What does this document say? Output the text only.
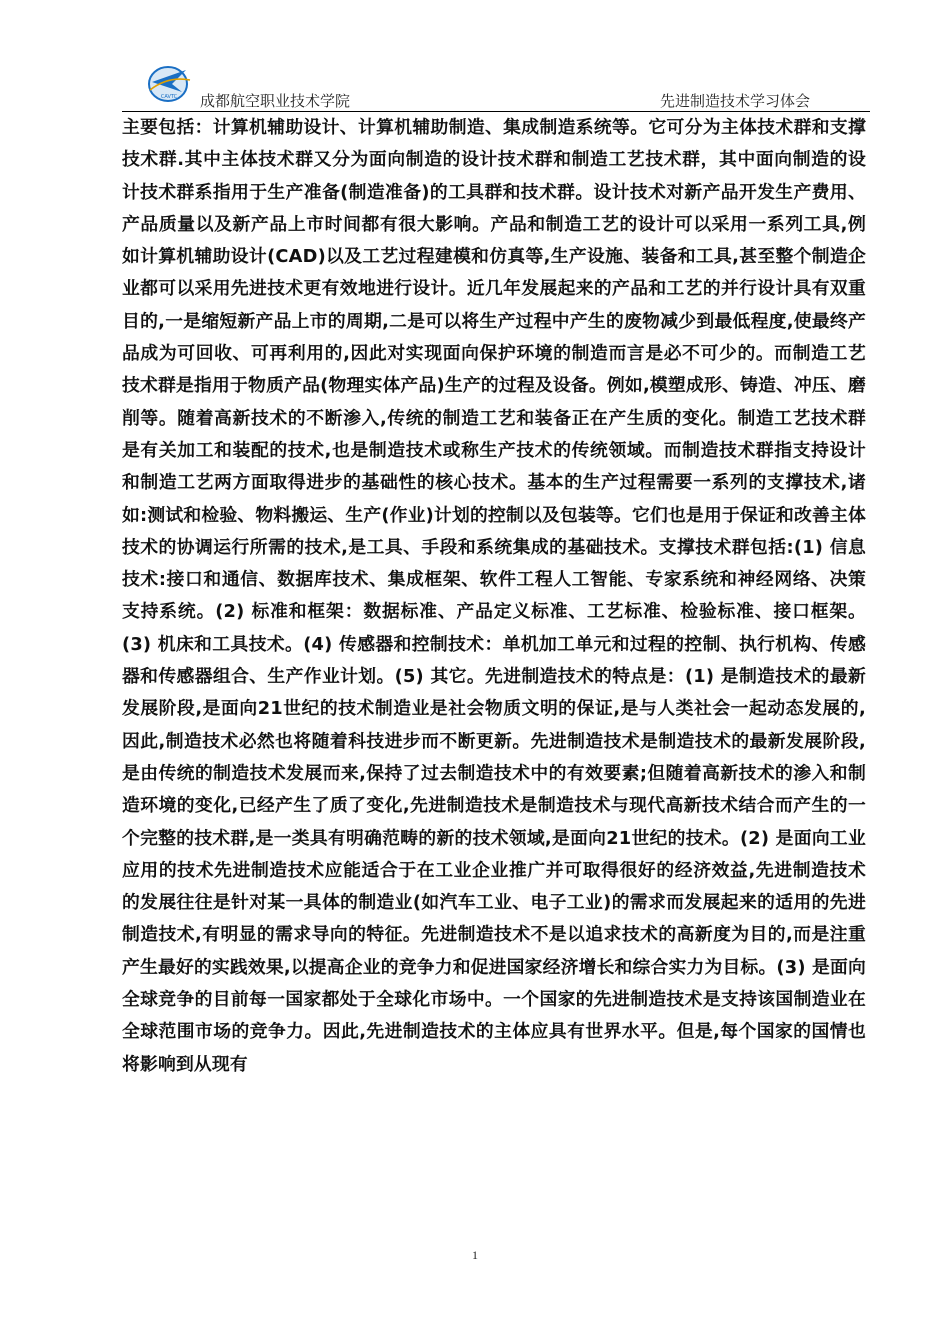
CAVTC 成都航空职业技术学院	先进制造技术学习体会

主要包括：计算机辅助设计、计算机辅助制造、集成制造系统等。它可分为主体技术群和支撑技术群.其中主体技术群又分为面向制造的设计技术群和制造工艺技术群，其中面向制造的设计技术群系指用于生产准备(制造准备)的工具群和技术群。设计技术对新产品开发生产费用、产品质量以及新产品上市时间都有很大影响。产品和制造工艺的设计可以采用一系列工具,例如计算机辅助设计(CAD)以及工艺过程建模和仿真等,生产设施、装备和工具,甚至整个制造企业都可以采用先进技术更有效地进行设计。近几年发展起来的产品和工艺的并行设计具有双重目的,一是缩短新产品上市的周期,二是可以将生产过程中产生的废物减少到最低程度,使最终产品成为可回收、可再利用的,因此对实现面向保护环境的制造而言是必不可少的。而制造工艺技术群是指用于物质产品(物理实体产品)生产的过程及设备。例如,模塑成形、铸造、冲压、磨削等。随着高新技术的不断渗入,传统的制造工艺和装备正在产生质的变化。制造工艺技术群是有关加工和装配的技术,也是制造技术或称生产技术的传统领域。而制造技术群指支持设计和制造工艺两方面取得进步的基础性的核心技术。基本的生产过程需要一系列的支撑技术,诸如:测试和检验、物料搬运、生产(作业)计划的控制以及包装等。它们也是用于保证和改善主体技术的协调运行所需的技术,是工具、手段和系统集成的基础技术。支撑技术群包括:(1) 信息技术:接口和通信、数据库技术、集成框架、软件工程人工智能、专家系统和神经网络、决策支持系统。(2) 标准和框架：数据标准、产品定义标准、工艺标准、检验标准、接口框架。(3) 机床和工具技术。(4) 传感器和控制技术：单机加工单元和过程的控制、执行机构、传感器和传感器组合、生产作业计划。(5) 其它。先进制造技术的特点是：(1) 是制造技术的最新发展阶段,是面向21世纪的技术制造业是社会物质文明的保证,是与人类社会一起动态发展的,因此,制造技术必然也将随着科技进步而不断更新。先进制造技术是制造技术的最新发展阶段,是由传统的制造技术发展而来,保持了过去制造技术中的有效要素;但随着高新技术的渗入和制造环境的变化,已经产生了质了变化,先进制造技术是制造技术与现代高新技术结合而产生的一个完整的技术群,是一类具有明确范畴的新的技术领域,是面向21世纪的技术。(2) 是面向工业应用的技术先进制造技术应能适合于在工业企业推广并可取得很好的经济效益,先进制造技术的发展往往是针对某一具体的制造业(如汽车工业、电子工业)的需求而发展起来的适用的先进制造技术,有明显的需求导向的特征。先进制造技术不是以追求技术的高新度为目的,而是注重产生最好的实践效果,以提高企业的竞争力和促进国家经济增长和综合实力为目标。(3) 是面向全球竞争的目前每一国家都处于全球化市场中。一个国家的先进制造技术是支持该国制造业在全球范围市场的竞争力。因此,先进制造技术的主体应具有世界水平。但是,每个国家的国情也将影响到从现有

1
